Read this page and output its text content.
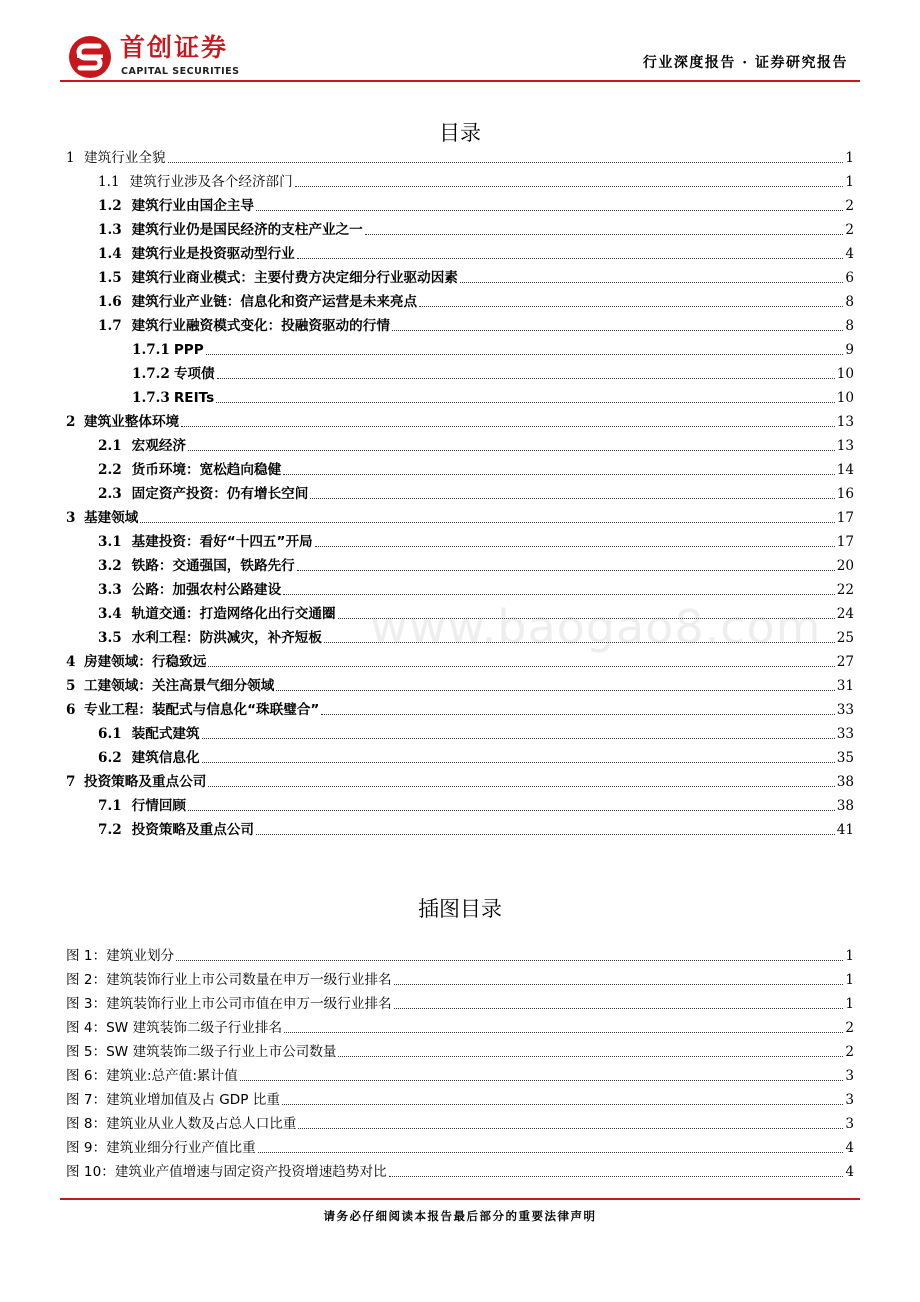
首创证券
CAPITAL SECURITIES
行业深度报告 · 证券研究报告
目录
1 建筑行业全貌	1
1.1 建筑行业涉及各个经济部门	1
1.2 建筑行业由国企主导	2
1.3 建筑行业仍是国民经济的支柱产业之一	2
1.4 建筑行业是投资驱动型行业	4
1.5 建筑行业商业模式：主要付费方决定细分行业驱动因素	6
1.6 建筑行业产业链：信息化和资产运营是未来亮点	8
1.7 建筑行业融资模式变化：投融资驱动的行情	8
1.7.1 PPP	9
1.7.2 专项债	10
1.7.3 REITs	10
2 建筑业整体环境	13
2.1 宏观经济	13
2.2 货币环境：宽松趋向稳健	14
2.3 固定资产投资：仍有增长空间	16
3 基建领域	17
3.1 基建投资：看好“十四五”开局	17
3.2 铁路：交通强国，铁路先行	20
3.3 公路：加强农村公路建设	22
3.4 轨道交通：打造网络化出行交通圈	24
3.5 水利工程：防洪减灾，补齐短板	25
4 房建领域：行稳致远	27
5 工建领域：关注高景气细分领域	31
6 专业工程：装配式与信息化“珠联璧合”	33
6.1 装配式建筑	33
6.2 建筑信息化	35
7 投资策略及重点公司	38
7.1 行情回顾	38
7.2 投资策略及重点公司	41
插图目录
图 1： 建筑业划分	1
图 2： 建筑装饰行业上市公司数量在申万一级行业排名	1
图 3： 建筑装饰行业上市公司市值在申万一级行业排名	1
图 4： SW 建筑装饰二级子行业排名	2
图 5： SW 建筑装饰二级子行业上市公司数量	2
图 6： 建筑业:总产值:累计值	3
图 7： 建筑业增加值及占 GDP 比重	3
图 8： 建筑业从业人数及占总人口比重	3
图 9： 建筑业细分行业产值比重	4
图 10： 建筑业产值增速与固定资产投资增速趋势对比	4
www.baogao8.com
请务必仔细阅读本报告最后部分的重要法律声明
